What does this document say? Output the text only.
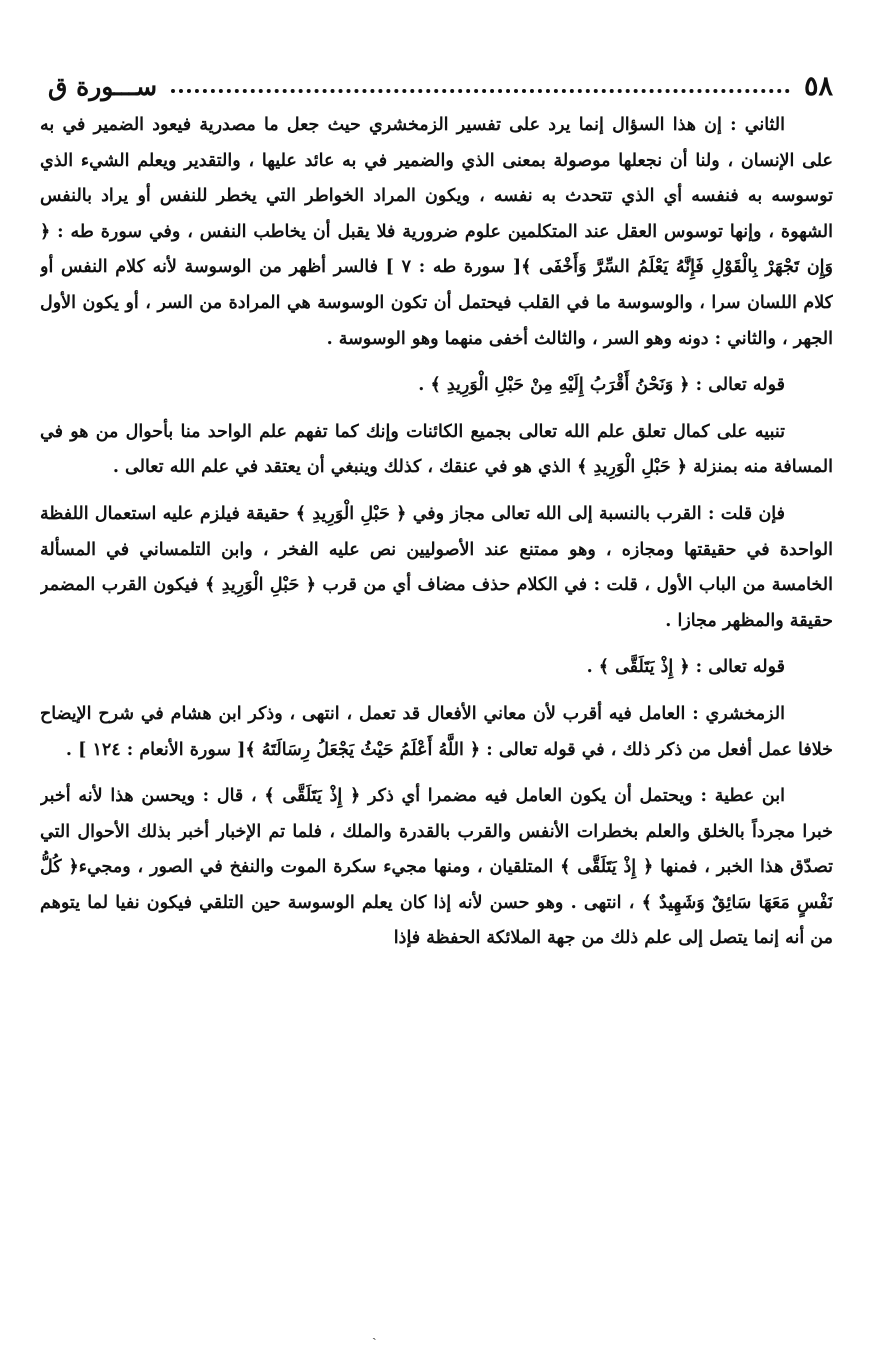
٥٨
ســـورة ق

الثاني : إن هذا السؤال إنما يرد على تفسير الزمخشري حيث جعل ما مصدرية فيعود الضمير في به على الإنسان ، ولنا أن نجعلها موصولة بمعنى الذي والضمير في به عائد عليها ، والتقدير ويعلم الشيء الذي توسوسه به فنفسه أي الذي تتحدث به نفسه ، ويكون المراد الخواطر التي يخطر للنفس أو يراد بالنفس الشهوة ، وإنها توسوس العقل عند المتكلمين علوم ضرورية فلا يقبل أن يخاطب النفس ، وفي سورة طه : ﴿ وَإِن تَجْهَرْ بِالْقَوْلِ فَإِنَّهُ يَعْلَمُ السِّرَّ وَأَخْفَى ﴾[ سورة طه : ٧ ] فالسر أظهر من الوسوسة لأنه كلام النفس أو كلام اللسان سرا ، والوسوسة ما في القلب فيحتمل أن تكون الوسوسة هي المرادة من السر ، أو يكون الأول الجهر ، والثاني : دونه وهو السر ، والثالث أخفى منهما وهو الوسوسة .

قوله تعالى : ﴿ وَنَحْنُ أَقْرَبُ إِلَيْهِ مِنْ حَبْلِ الْوَرِيدِ ﴾ .

تنبيه على كمال تعلق علم الله تعالى بجميع الكائنات وإنك كما تفهم علم الواحد منا بأحوال من هو في المسافة منه بمنزلة ﴿ حَبْلِ الْوَرِيدِ ﴾ الذي هو في عنقك ، كذلك وينبغي أن يعتقد في علم الله تعالى .

فإن قلت : القرب بالنسبة إلى الله تعالى مجاز وفي ﴿ حَبْلِ الْوَرِيدِ ﴾ حقيقة فيلزم عليه استعمال اللفظة الواحدة في حقيقتها ومجازه ، وهو ممتنع عند الأصوليين نص عليه الفخر ، وابن التلمساني في المسألة الخامسة من الباب الأول ، قلت : في الكلام حذف مضاف أي من قرب ﴿ حَبْلِ الْوَرِيدِ ﴾ فيكون القرب المضمر حقيقة والمظهر مجازا .

قوله تعالى : ﴿ إِذْ يَتَلَقَّى ﴾ .

الزمخشري : العامل فيه أقرب لأن معاني الأفعال قد تعمل ، انتهى ، وذكر ابن هشام في شرح الإيضاح خلافا عمل أفعل من ذكر ذلك ، في قوله تعالى : ﴿ اللَّهُ أَعْلَمُ حَيْثُ يَجْعَلُ رِسَالَتَهُ ﴾[ سورة الأنعام : ١٢٤ ] .

ابن عطية : ويحتمل أن يكون العامل فيه مضمرا أي ذكر ﴿ إِذْ يَتَلَقَّى ﴾ ، قال : ويحسن هذا لأنه أخبر خبرا مجرداً بالخلق والعلم بخطرات الأنفس والقرب بالقدرة والملك ، فلما تم الإخبار أخبر بذلك الأحوال التي تصدّق هذا الخبر ، فمنها ﴿ إِذْ يَتَلَقَّى ﴾ المتلقيان ، ومنها مجيء سكرة الموت والنفخ في الصور ، ومجيء﴿ كُلُّ نَفْسٍ مَعَهَا سَائِقٌ وَشَهِيدٌ ﴾ ، انتهى . وهو حسن لأنه إذا كان يعلم الوسوسة حين التلقي فيكون نفيا لما يتوهم من أنه إنما يتصل إلى علم ذلك من جهة الملائكة الحفظة فإذا

ˎ
